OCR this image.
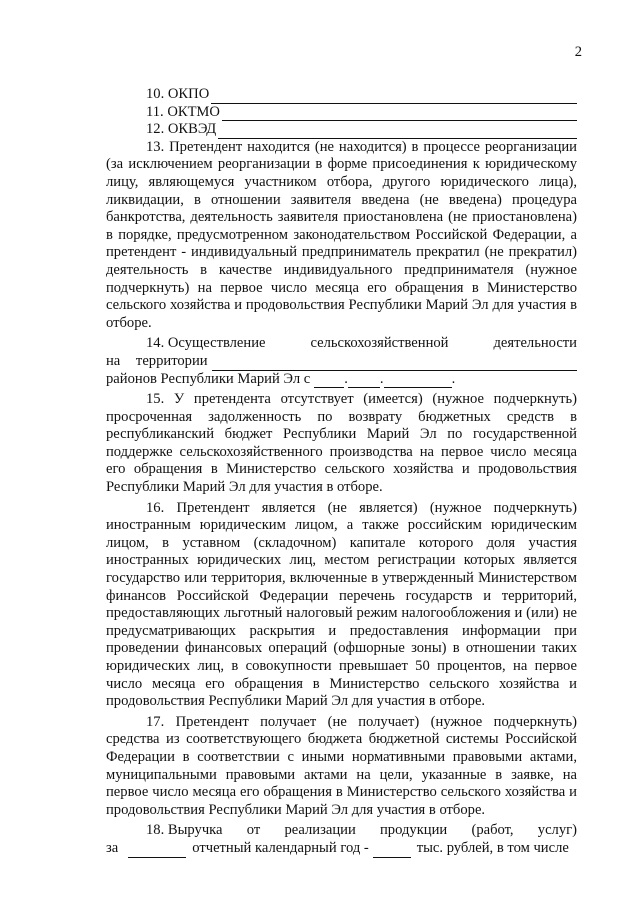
2
10. ОКПО
11. ОКТМО
12. ОКВЭД
13. Претендент находится (не находится) в процессе реорганизации (за исключением реорганизации в форме присоединения к юридическому лицу, являющемуся участником отбора, другого юридического лица), ликвидации, в отношении заявителя введена (не введена) процедура банкротства, деятельность заявителя приостановлена (не приостановлена) в порядке, предусмотренном законодательством Российской Федерации, а претендент - индивидуальный предприниматель прекратил (не прекратил) деятельность в качестве индивидуального предпринимателя (нужное подчеркнуть) на первое число месяца его обращения в Министерство сельского хозяйства и продовольствия Республики Марий Эл для участия в отборе.
14. Осуществление	сельскохозяйственной	деятельности
на территории
районов Республики Марий Эл с . .	.
15. У претендента отсутствует (имеется) (нужное подчеркнуть) просроченная задолженность по возврату бюджетных средств в республиканский бюджет Республики Марий Эл по государственной поддержке сельскохозяйственного производства на первое число месяца его обращения в Министерство сельского хозяйства и продовольствия Республики Марий Эл для участия в отборе.
16. Претендент является (не является) (нужное подчеркнуть) иностранным юридическим лицом, а также российским юридическим лицом, в уставном (складочном) капитале которого доля участия иностранных юридических лиц, местом регистрации которых является государство или территория, включенные в утвержденный Министерством финансов Российской Федерации перечень государств и территорий, предоставляющих льготный налоговый режим налогообложения и (или) не предусматривающих раскрытия и предоставления информации при проведении финансовых операций (офшорные зоны) в отношении таких юридических лиц, в совокупности превышает 50 процентов, на первое число месяца его обращения в Министерство сельского хозяйства и продовольствия Республики Марий Эл для участия в отборе.
17. Претендент получает (не получает) (нужное подчеркнуть) средства из соответствующего бюджета бюджетной системы Российской Федерации в соответствии с иными нормативными правовыми актами, муниципальными правовыми актами на цели, указанные в заявке, на первое число месяца его обращения в Министерство сельского хозяйства и продовольствия Республики Марий Эл для участия в отборе.
18. Выручка от реализации продукции (работ, услуг)
за	отчетный календарный год -	тыс. рублей, в том числе
